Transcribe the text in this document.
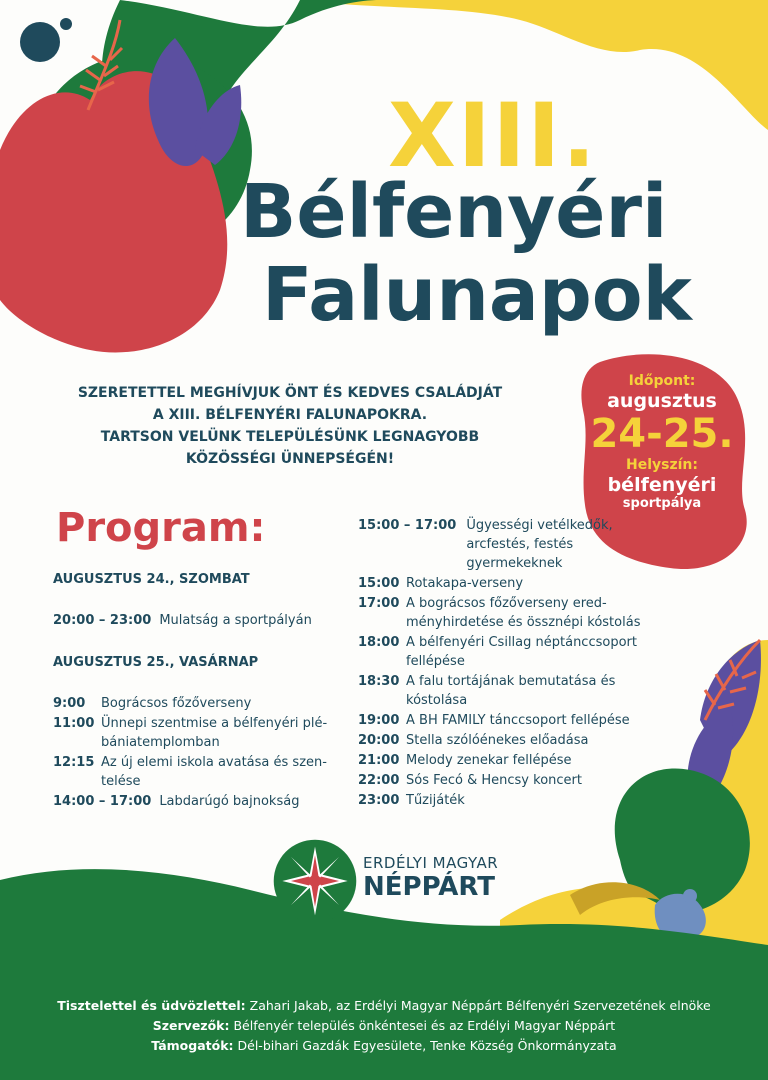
XIII.
Bélfenyéri
Falunapok
SZERETETTEL MEGHÍVJUK ÖNT ÉS KEDVES CSALÁDJÁT
A XIII. BÉLFENYÉRI FALUNAPOKRA.
TARTSON VELÜNK TELEPÜLÉSÜNK LEGNAGYOBB
KÖZÖSSÉGI ÜNNEPSÉGÉN!
Időpont:
augusztus
24-25.
Helyszín:
bélfenyéri
sportpálya
Program:
AUGUSZTUS 24., SZOMBAT
20:00 – 23:00 Mulatság a sportpályán
AUGUSZTUS 25., VASÁRNAP
9:00	Bográcsos főzőverseny
11:00 Ünnepi szentmise a bélfenyéri plé-bániatemplomban
12:15 Az új elemi iskola avatása és szen-telése
14:00 – 17:00 Labdarúgó bajnokság
15:00 – 17:00 Ügyességi vetélkedők, arcfestés, festés gyermekeknek
15:00 Rotakapa-verseny
17:00 A bográcsos főzőverseny ered-ményhirdetése és össznépi kóstolás
18:00 A bélfenyéri Csillag néptánccsoport fellépése
18:30 A falu tortájának bemutatása és kóstolása
19:00 A BH FAMILY tánccsoport fellépése
20:00 Stella szólóénekes előadása
21:00 Melody zenekar fellépése
22:00 Sós Fecó & Hencsy koncert
23:00 Tűzijáték
ERDÉLYI MAGYAR
NÉPPÁRT
Tisztelettel és üdvözlettel: Zahari Jakab, az Erdélyi Magyar Néppárt Bélfenyéri Szervezetének elnöke
Szervezők: Bélfenyér település önkéntesei és az Erdélyi Magyar Néppárt
Támogatók: Dél-bihari Gazdák Egyesülete, Tenke Község Önkormányzata
